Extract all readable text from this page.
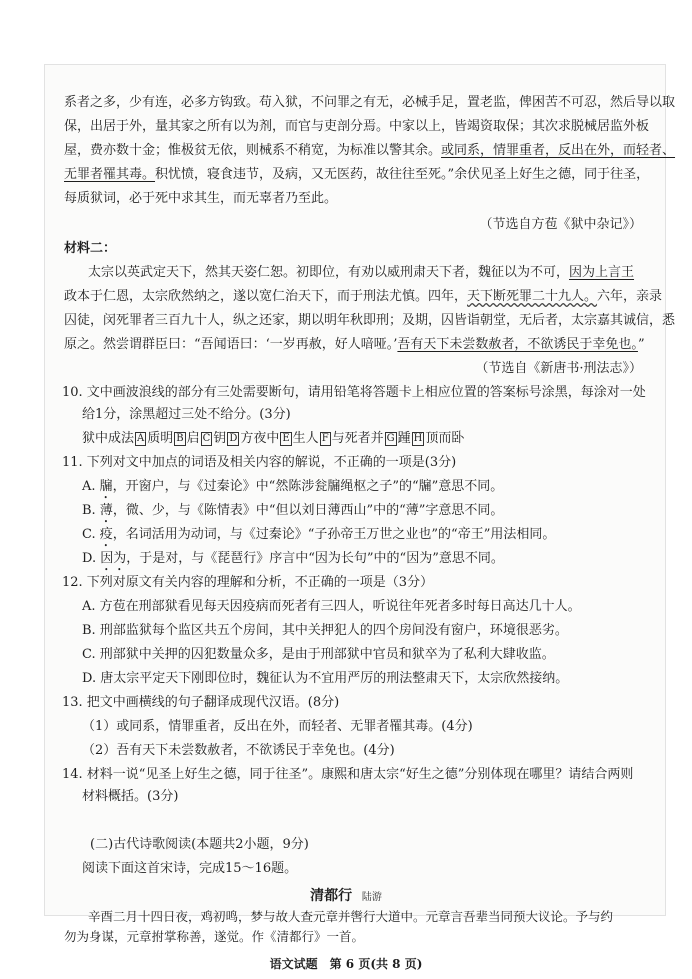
系者之多，少有连，必多方钩致。苟入狱，不问罪之有无，必械手足，置老监，俾困苦不可忍，然后导以取
保，出居于外，量其家之所有以为剂，而官与吏剖分焉。中家以上，皆竭资取保；其次求脱械居监外板
屋，费亦数十金；惟极贫无依，则械系不稍宽，为标准以警其余。或同系，情罪重者，反出在外，而轻者、
无罪者罹其毒。积忧愤，寝食违节，及病，又无医药，故往往至死。”余伏见圣上好生之德，同于往圣，
每质狱词，必于死中求其生，而无辜者乃至此。
（节选自方苞《狱中杂记》）
材料二：
太宗以英武定天下，然其天姿仁恕。初即位，有劝以威刑肃天下者，魏征以为不可，因为上言王
政本于仁恩，太宗欣然纳之，遂以宽仁治天下，而于刑法尤慎。四年，天下断死罪二十九人。六年，亲录
囚徒，闵死罪者三百九十人，纵之还家，期以明年秋即刑；及期，囚皆诣朝堂，无后者，太宗嘉其诚信，悉
原之。然尝谓群臣曰：“吾闻语曰：‘一岁再赦，好人喑哑。’吾有天下未尝数赦者，不欲诱民于幸免也。”
（节选自《新唐书·刑法志》）
10. 文中画波浪线的部分有三处需要断句，请用铅笔将答题卡上相应位置的答案标号涂黑，每涂对一处
给1分，涂黑超过三处不给分。(3分)
狱中成法 A 质明 B 启 C 钥 D 方夜中 E 生人 F 与死者并 G 踵 H 顶而卧
11. 下列对文中加点的词语及相关内容的解说，不正确的一项是(3分)
A. 牖，开窗户，与《过秦论》中“然陈涉瓮牖绳枢之子”的“牖”意思不同。
B. 薄，微、少，与《陈情表》中“但以刘日薄西山”中的“薄”字意思不同。
C. 疫，名词活用为动词，与《过秦论》“子孙帝王万世之业也”的“帝王”用法相同。
D. 因为，于是对，与《琵琶行》序言中“因为长句”中的“因为”意思不同。
12. 下列对原文有关内容的理解和分析，不正确的一项是（3分）
A. 方苞在刑部狱看见每天因疫病而死者有三四人，听说往年死者多时每日高达几十人。
B. 刑部监狱每个监区共五个房间，其中关押犯人的四个房间没有窗户，环境很恶劣。
C. 刑部狱中关押的囚犯数量众多，是由于刑部狱中官员和狱卒为了私利大肆收监。
D. 唐太宗平定天下刚即位时，魏征认为不宜用严厉的刑法整肃天下，太宗欣然接纳。
13. 把文中画横线的句子翻译成现代汉语。(8分)
（1）或同系，情罪重者，反出在外，而轻者、无罪者罹其毒。(4分)
（2）吾有天下未尝数赦者，不欲诱民于幸免也。(4分)
14. 材料一说“见圣上好生之德，同于往圣”。康熙和唐太宗“好生之德”分别体现在哪里？请结合两则
材料概括。(3分)
(二)古代诗歌阅读(本题共2小题，9分)
阅读下面这首宋诗，完成15～16题。
清都行 陆游
辛酉二月十四日夜，鸡初鸣，梦与故人查元章并辔行大道中。元章言吾辈当同预大议论。予与约
勿为身谋，元章拊掌称善，遂觉。作《清都行》一首。
语文试题　第 6 页(共 8 页)
